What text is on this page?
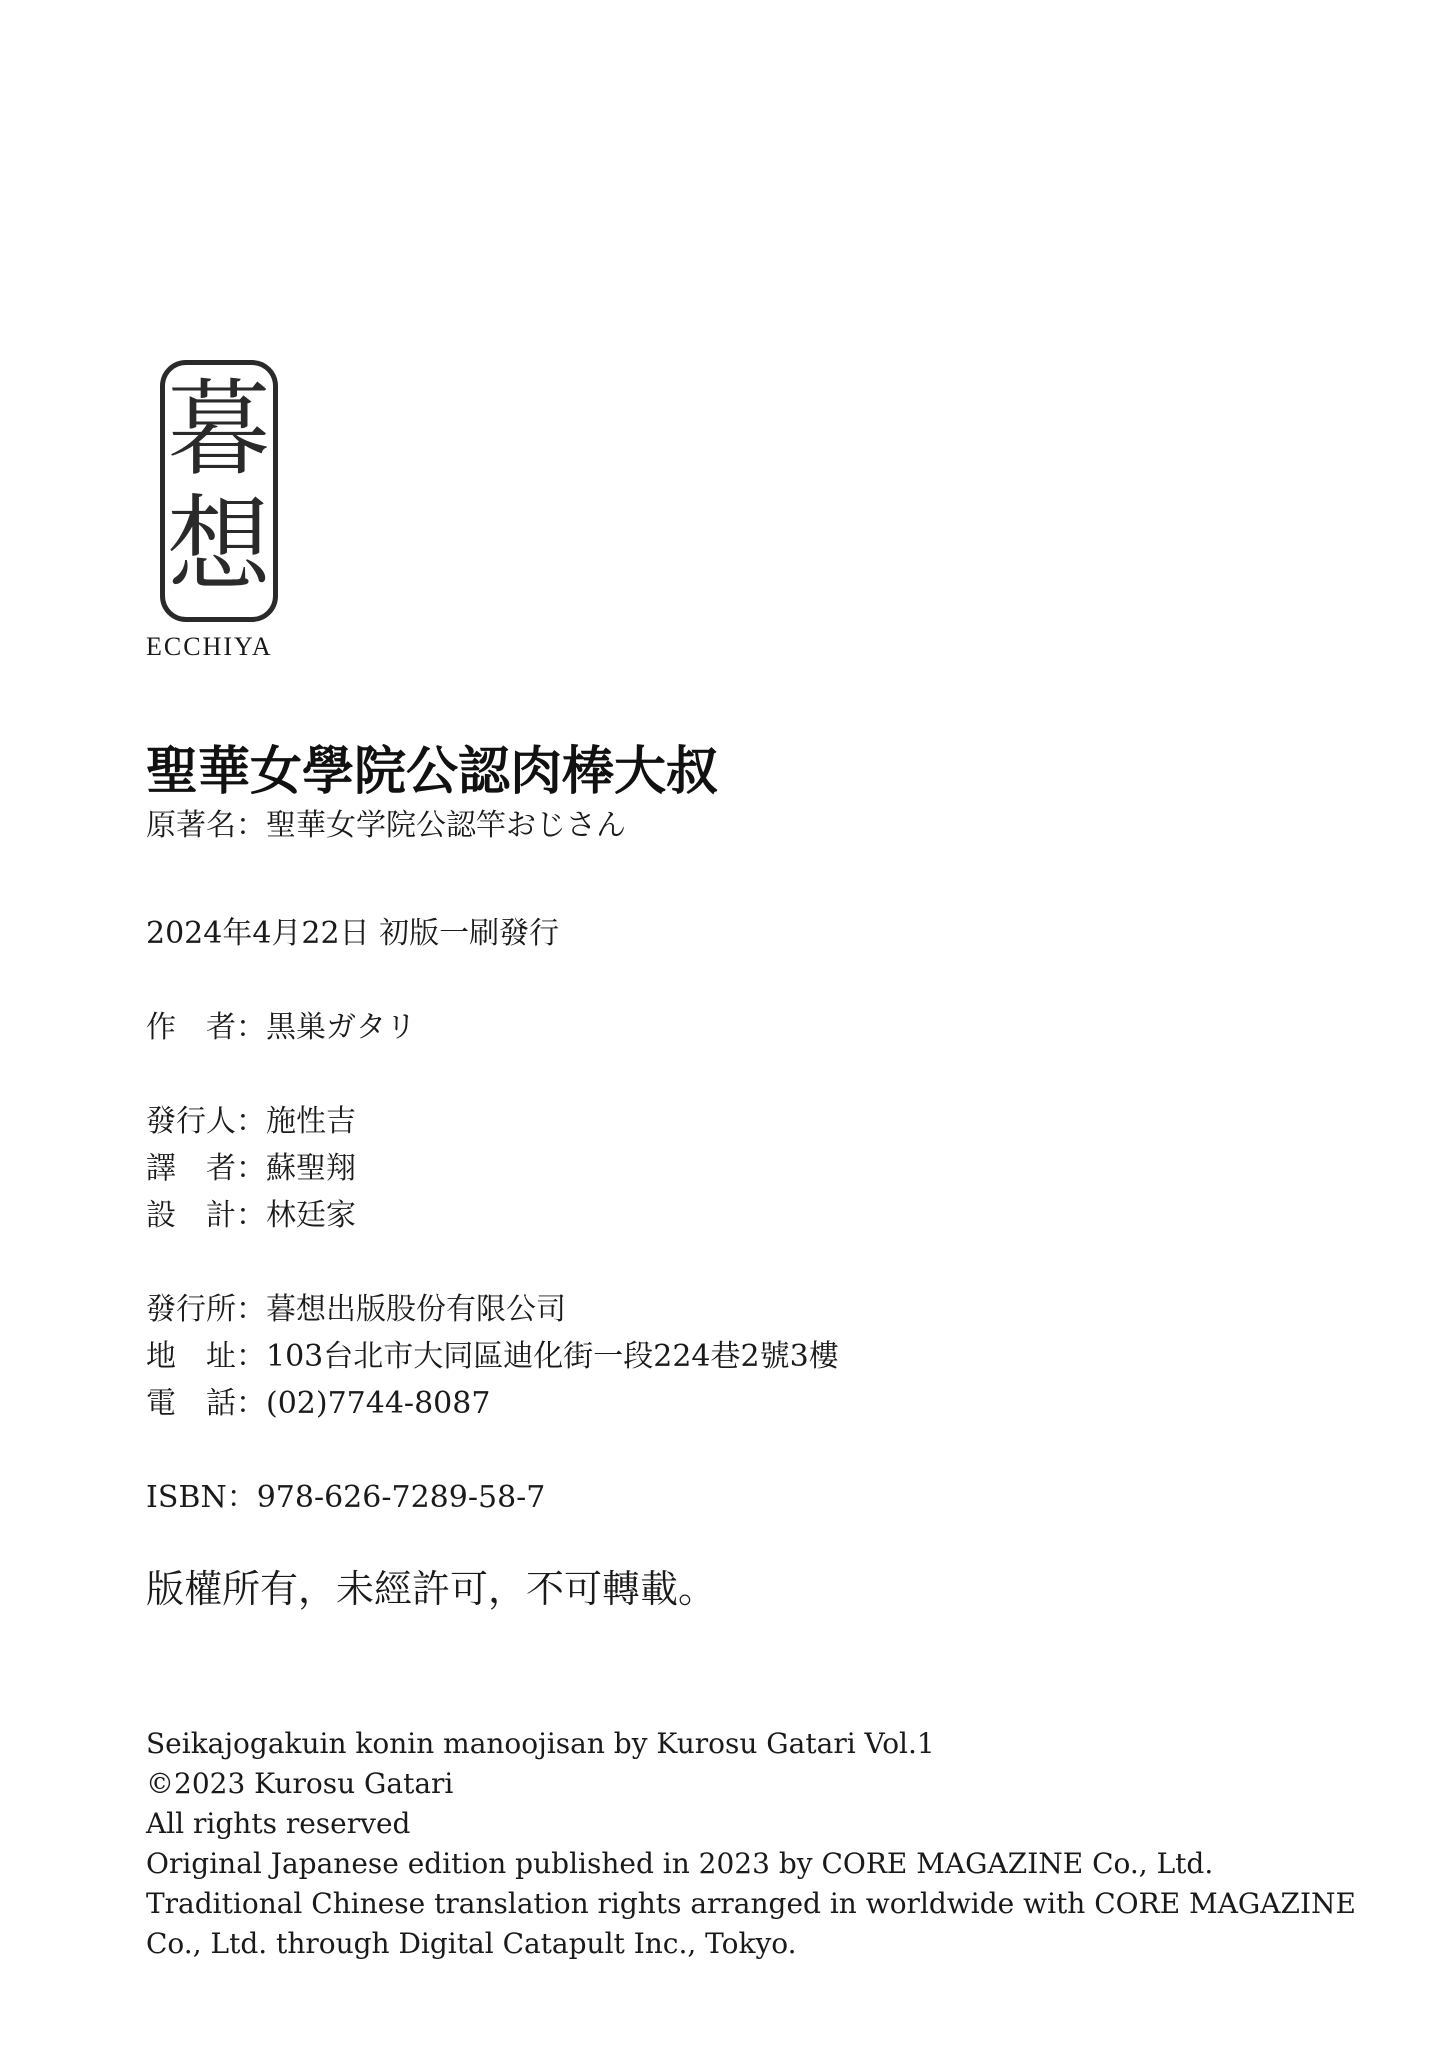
暮
想
ECCHIYA
聖華女學院公認肉棒大叔
原著名：聖華女学院公認竿おじさん
2024年4月22日 初版一刷發行
作　者：黒巣ガタリ
發行人：施性吉
譯　者：蘇聖翔
設　計：林廷家
發行所：暮想出版股份有限公司
地　址：103台北市大同區迪化街一段224巷2號3樓
電　話：(02)7744-8087
ISBN：978-626-7289-58-7
版權所有，未經許可，不可轉載。
Seikajogakuin konin manoojisan by Kurosu Gatari Vol.1
©2023 Kurosu Gatari
All rights reserved
Original Japanese edition published in 2023 by CORE MAGAZINE Co., Ltd.
Traditional Chinese translation rights arranged in worldwide with CORE MAGAZINE
Co., Ltd. through Digital Catapult Inc., Tokyo.
